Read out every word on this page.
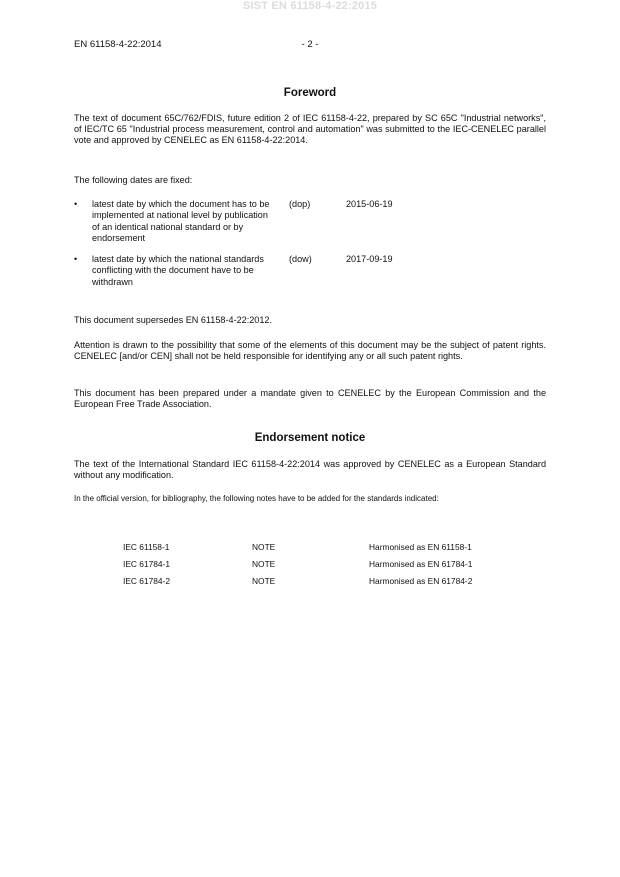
SIST EN 61158-4-22:2015
EN 61158-4-22:2014	- 2 -
Foreword
The text of document 65C/762/FDIS, future edition 2 of IEC 61158-4-22, prepared by SC 65C "Industrial networks", of IEC/TC 65 "Industrial process measurement, control and automation" was submitted to the IEC-CENELEC parallel vote and approved by CENELEC as EN 61158-4-22:2014.
The following dates are fixed:
• latest date by which the document has to be implemented at national level by publication of an identical national standard or by endorsement
(dop)	2015-06-19
• latest date by which the national standards conflicting with the document have to be withdrawn
(dow)	2017-09-19
This document supersedes EN 61158-4-22:2012.
Attention is drawn to the possibility that some of the elements of this document may be the subject of patent rights. CENELEC [and/or CEN] shall not be held responsible for identifying any or all such patent rights.
This document has been prepared under a mandate given to CENELEC by the European Commission and the European Free Trade Association.
Endorsement notice
The text of the International Standard IEC 61158-4-22:2014 was approved by CENELEC as a European Standard without any modification.
In the official version, for bibliography, the following notes have to be added for the standards indicated:
IEC 61158-1	NOTE	Harmonised as EN 61158-1
IEC 61784-1	NOTE	Harmonised as EN 61784-1
IEC 61784-2	NOTE	Harmonised as EN 61784-2
